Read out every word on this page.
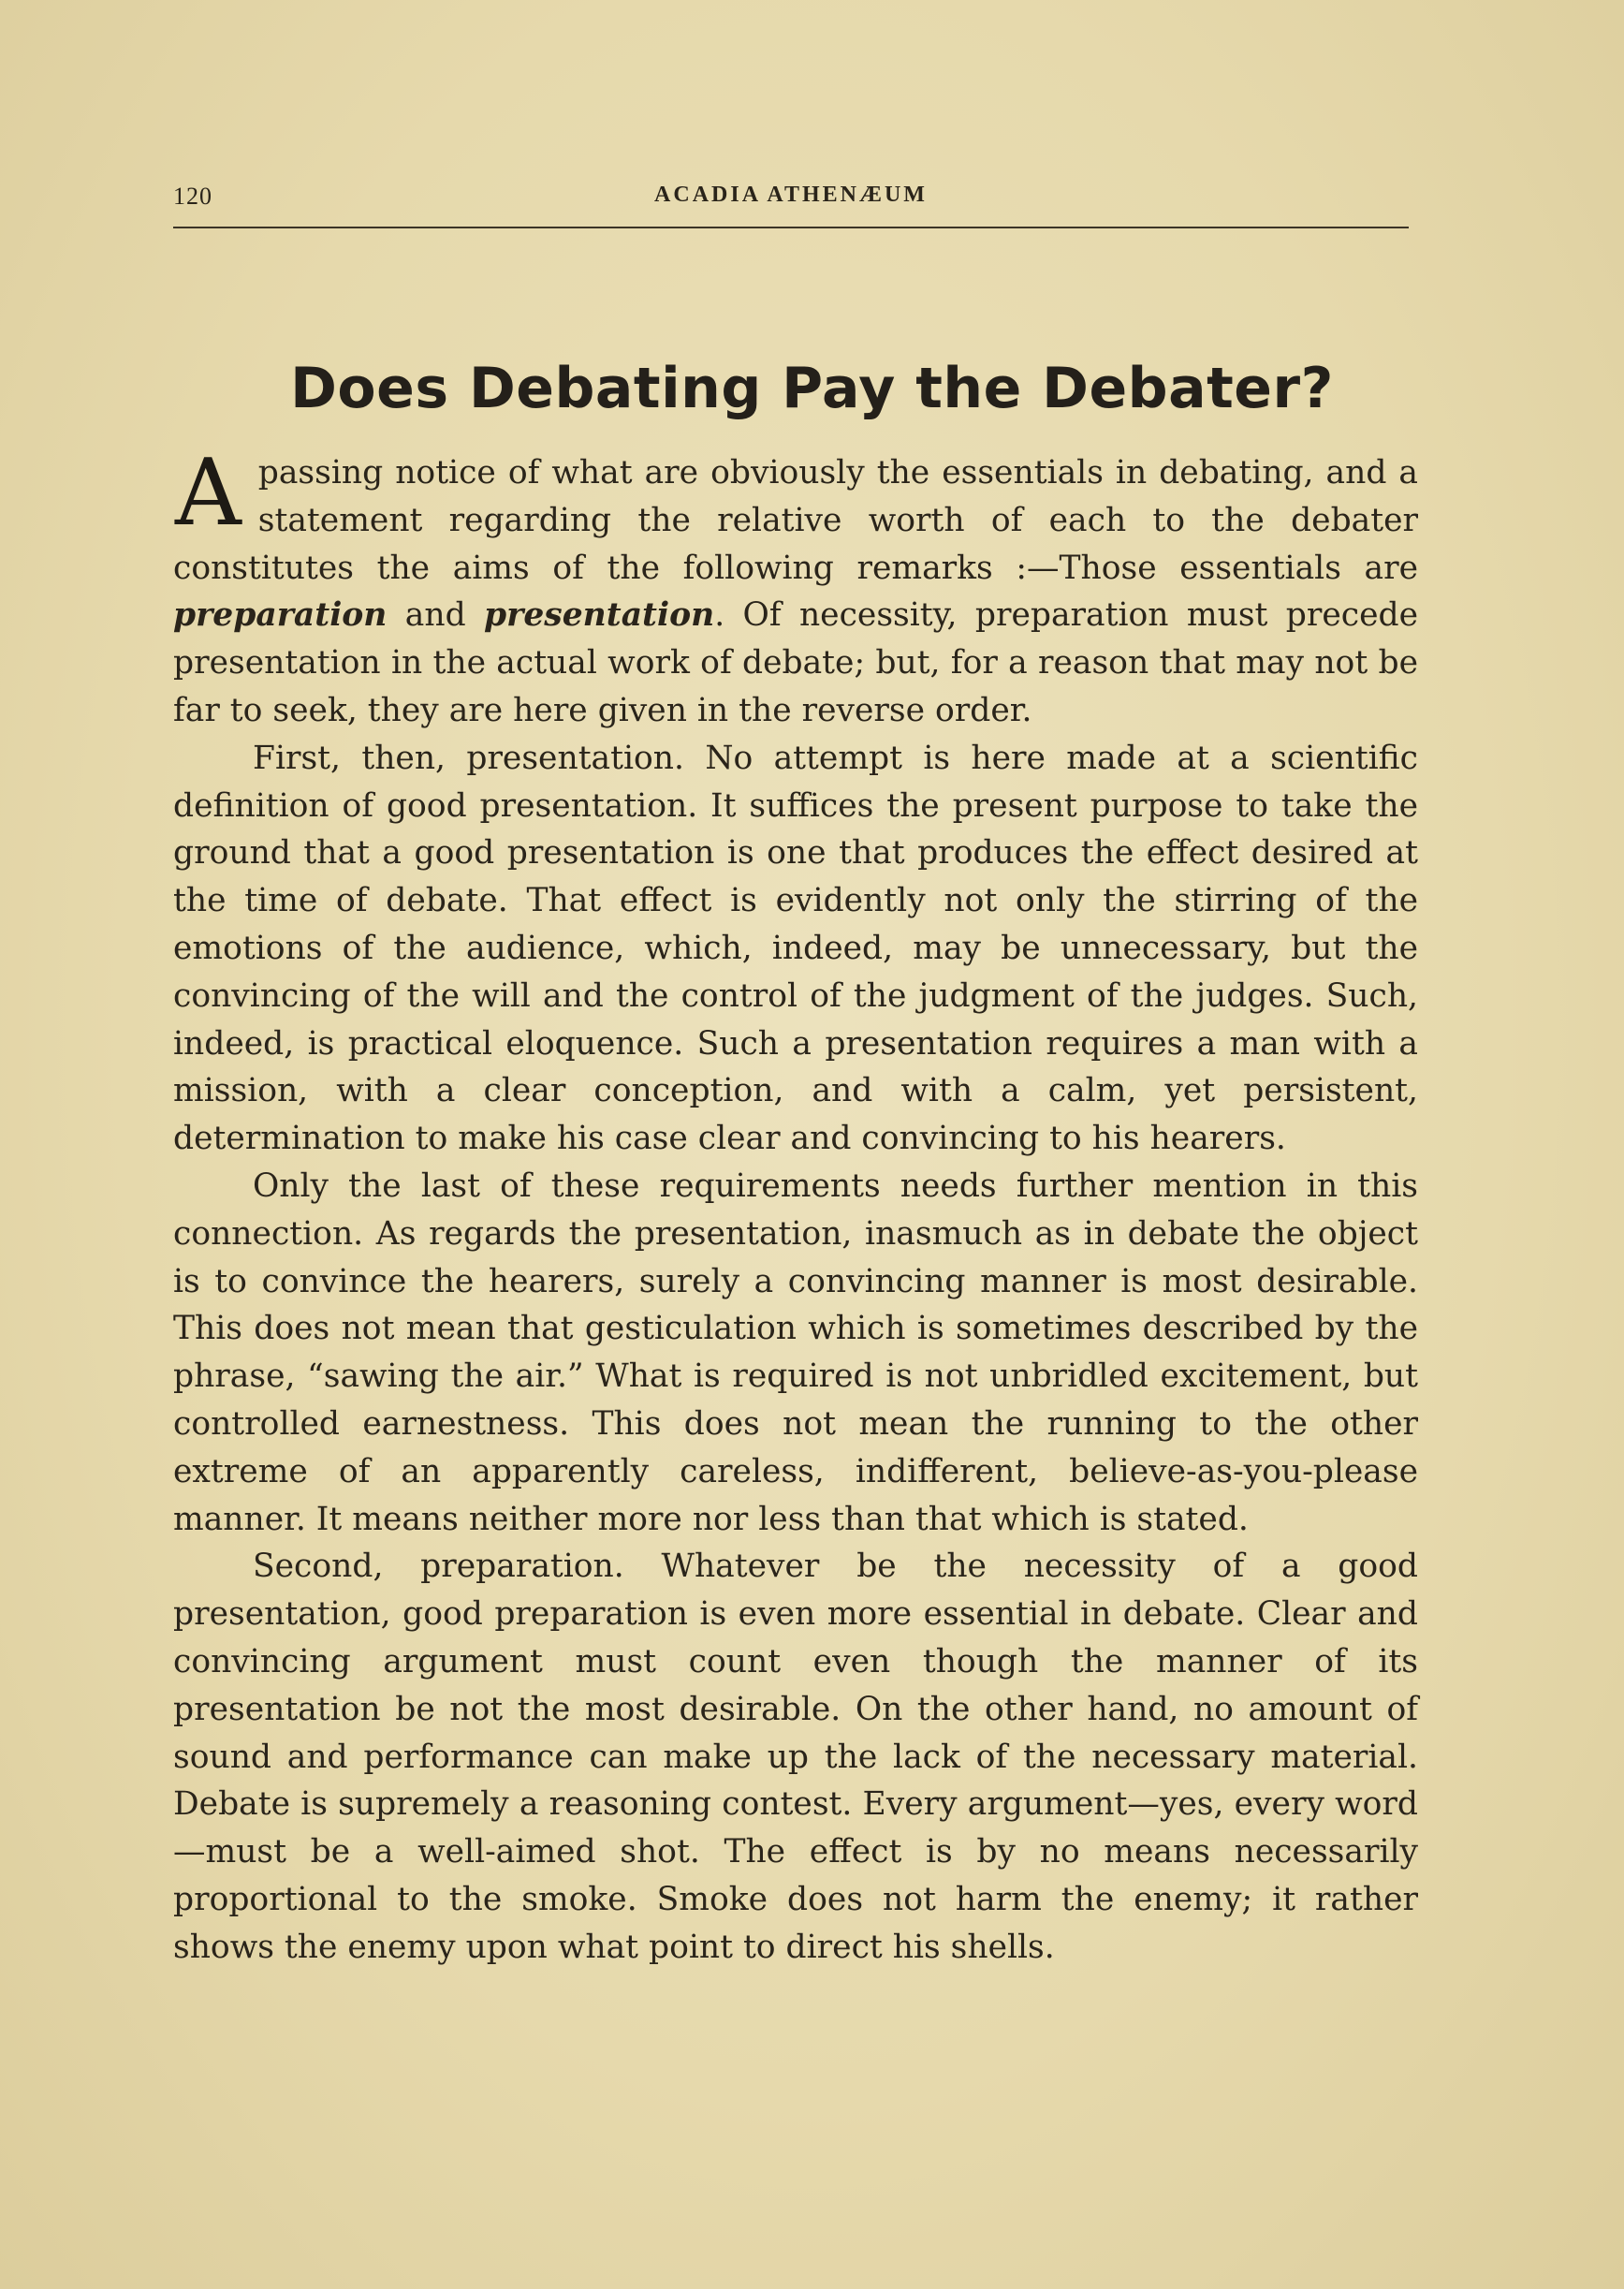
120	ACADIA ATHENÆUM
Does Debating Pay the Debater?

Apassing notice of what are obviously the essentials in debating, and a statement regarding the relative worth of each to the debater constitutes the aims of the following remarks :—Those essentials are preparation and presentation. Of necessity, preparation must precede presentation in the actual work of debate; but, for a reason that may not be far to seek, they are here given in the reverse order.

First, then, presentation. No attempt is here made at a scientific definition of good presentation. It suffices the present purpose to take the ground that a good presentation is one that produces the effect desired at the time of debate. That effect is evidently not only the stirring of the emotions of the audience, which, indeed, may be unnecessary, but the convincing of the will and the control of the judgment of the judges. Such, indeed, is practical eloquence. Such a presentation requires a man with a mission, with a clear conception, and with a calm, yet persistent, determination to make his case clear and convincing to his hearers.

Only the last of these requirements needs further mention in this connection. As regards the presentation, inasmuch as in debate the object is to convince the hearers, surely a convincing manner is most desirable. This does not mean that gesticulation which is sometimes described by the phrase, “sawing the air.” What is required is not unbridled excitement, but controlled earnestness. This does not mean the running to the other extreme of an apparently careless, indifferent, believe-as-you-please manner. It means neither more nor less than that which is stated.

Second, preparation. Whatever be the necessity of a good presentation, good preparation is even more essential in debate. Clear and convincing argument must count even though the manner of its presentation be not the most desirable. On the other hand, no amount of sound and performance can make up the lack of the necessary material. Debate is supremely a reasoning contest. Every argument—yes, every word—must be a well-aimed shot. The effect is by no means necessarily proportional to the smoke. Smoke does not harm the enemy; it rather shows the enemy upon what point to direct his shells.
